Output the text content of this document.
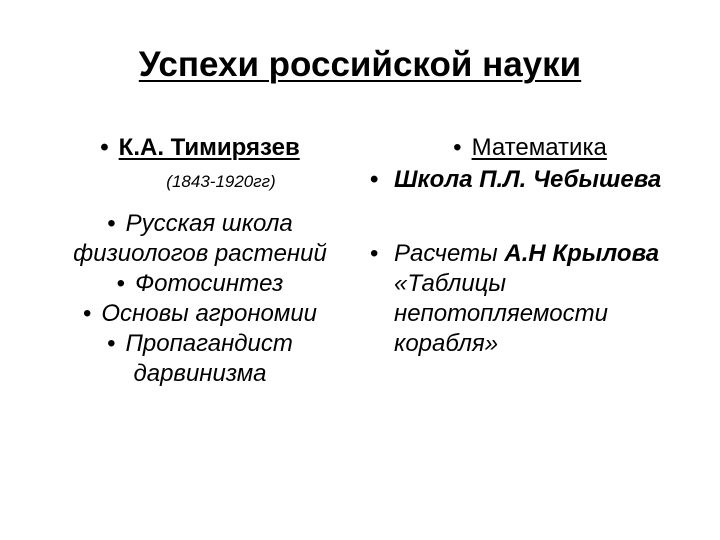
Успехи российской науки

• К.А. Тимирязев

(1843-1920гг)

• Русская школа физиологов растений

• Фотосинтез

• Основы агрономии

• Пропагандист дарвинизма

• Математика

• Школа П.Л. Чебышева
• Расчеты А.Н Крылова «Таблицы непотопляемости корабля»
